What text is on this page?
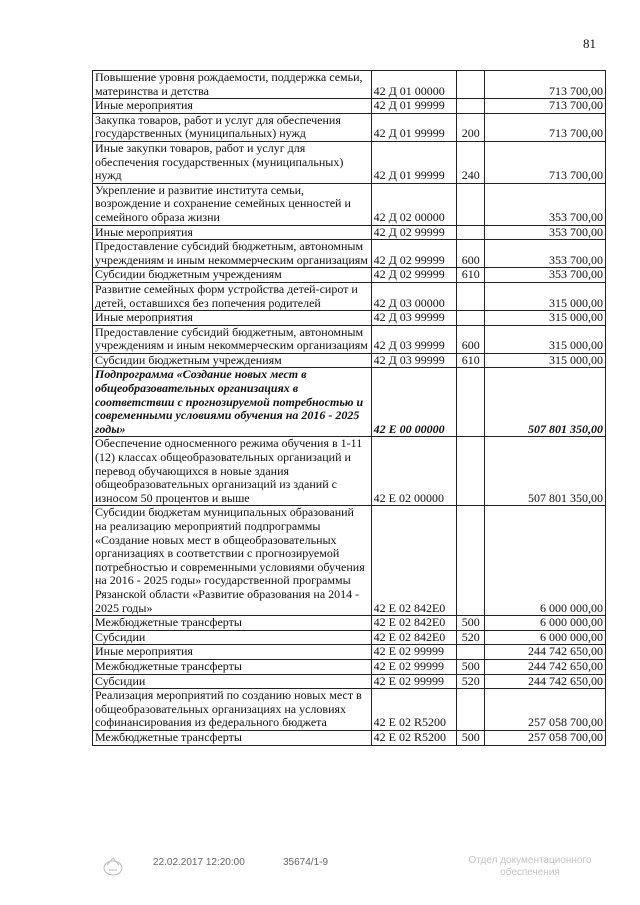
81
Повышение уровня рождаемости, поддержка семьи, материнства и детства	42 Д 01 00000		713 700,00
Иные мероприятия	42 Д 01 99999		713 700,00
Закупка товаров, работ и услуг для обеспечения государственных (муниципальных) нужд	42 Д 01 99999	200	713 700,00
Иные закупки товаров, работ и услуг для обеспечения государственных (муниципальных) нужд	42 Д 01 99999	240	713 700,00
Укрепление и развитие института семьи, возрождение и сохранение семейных ценностей и семейного образа жизни	42 Д 02 00000		353 700,00
Иные мероприятия	42 Д 02 99999		353 700,00
Предоставление субсидий бюджетным, автономным учреждениям и иным некоммерческим организациям	42 Д 02 99999	600	353 700,00
Субсидии бюджетным учреждениям	42 Д 02 99999	610	353 700,00
Развитие семейных форм устройства детей-сирот и детей, оставшихся без попечения родителей	42 Д 03 00000		315 000,00
Иные мероприятия	42 Д 03 99999		315 000,00
Предоставление субсидий бюджетным, автономным учреждениям и иным некоммерческим организациям	42 Д 03 99999	600	315 000,00
Субсидии бюджетным учреждениям	42 Д 03 99999	610	315 000,00
Подпрограмма «Создание новых мест в общеобразовательных организациях в соответствии с прогнозируемой потребностью и современными условиями обучения на 2016 - 2025 годы»	42 Е 00 00000		507 801 350,00
Обеспечение односменного режима обучения в 1-11 (12) классах общеобразовательных организаций и перевод обучающихся в новые здания общеобразовательных организаций из зданий с износом 50 процентов и выше	42 Е 02 00000		507 801 350,00
Субсидии бюджетам муниципальных образований на реализацию мероприятий подпрограммы «Создание новых мест в общеобразовательных организациях в соответствии с прогнозируемой потребностью и современными условиями обучения на 2016 - 2025 годы» государственной программы Рязанской области «Развитие образования на 2014 - 2025 годы»	42 Е 02 842Е0		6 000 000,00
Межбюджетные трансферты	42 Е 02 842Е0	500	6 000 000,00
Субсидии	42 Е 02 842Е0	520	6 000 000,00
Иные мероприятия	42 Е 02 99999		244 742 650,00
Межбюджетные трансферты	42 Е 02 99999	500	244 742 650,00
Субсидии	42 Е 02 99999	520	244 742 650,00
Реализация мероприятий по созданию новых мест в общеобразовательных организациях на условиях софинансирования из федерального бюджета	42 Е 02 R5200		257 058 700,00
Межбюджетные трансферты	42 Е 02 R5200	500	257 058 700,00
22.02.2017 12:20:00	35674/1-9	Отдел документационного
обеспечения
